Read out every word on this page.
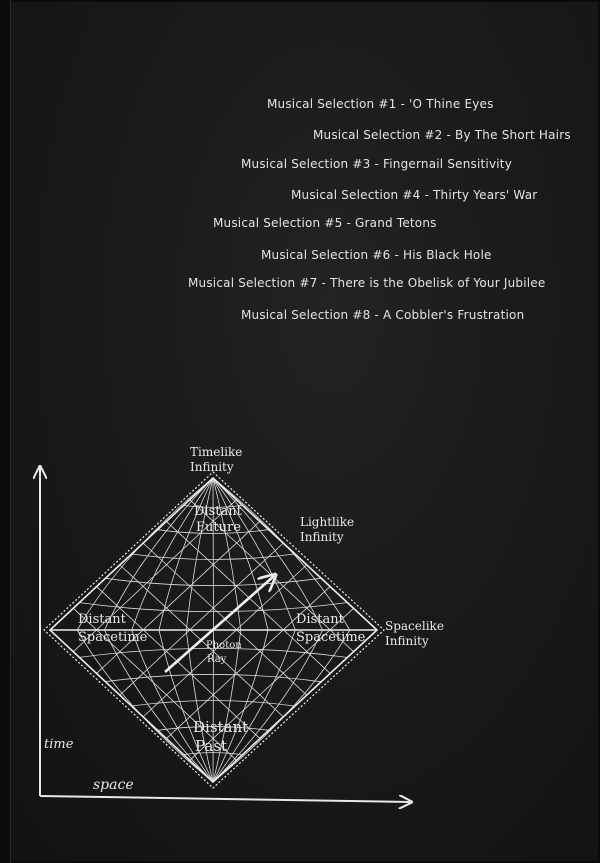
Musical Selection #1 - 'O Thine Eyes
Musical Selection #2 - By The Short Hairs
Musical Selection #3 - Fingernail Sensitivity
Musical Selection #4 - Thirty Years' War
Musical Selection #5 - Grand Tetons
Musical Selection #6 - His Black Hole
Musical Selection #7 - There is the Obelisk of Your Jubilee
Musical Selection #8 - A Cobbler's Frustration
Timelike
Infinity
Lightlike
Infinity
Spacelike
Infinity
Distant
Future
Distant
Spacetime
Distant
Spacetime
Photon
Ray
Distant
Past
time
space
